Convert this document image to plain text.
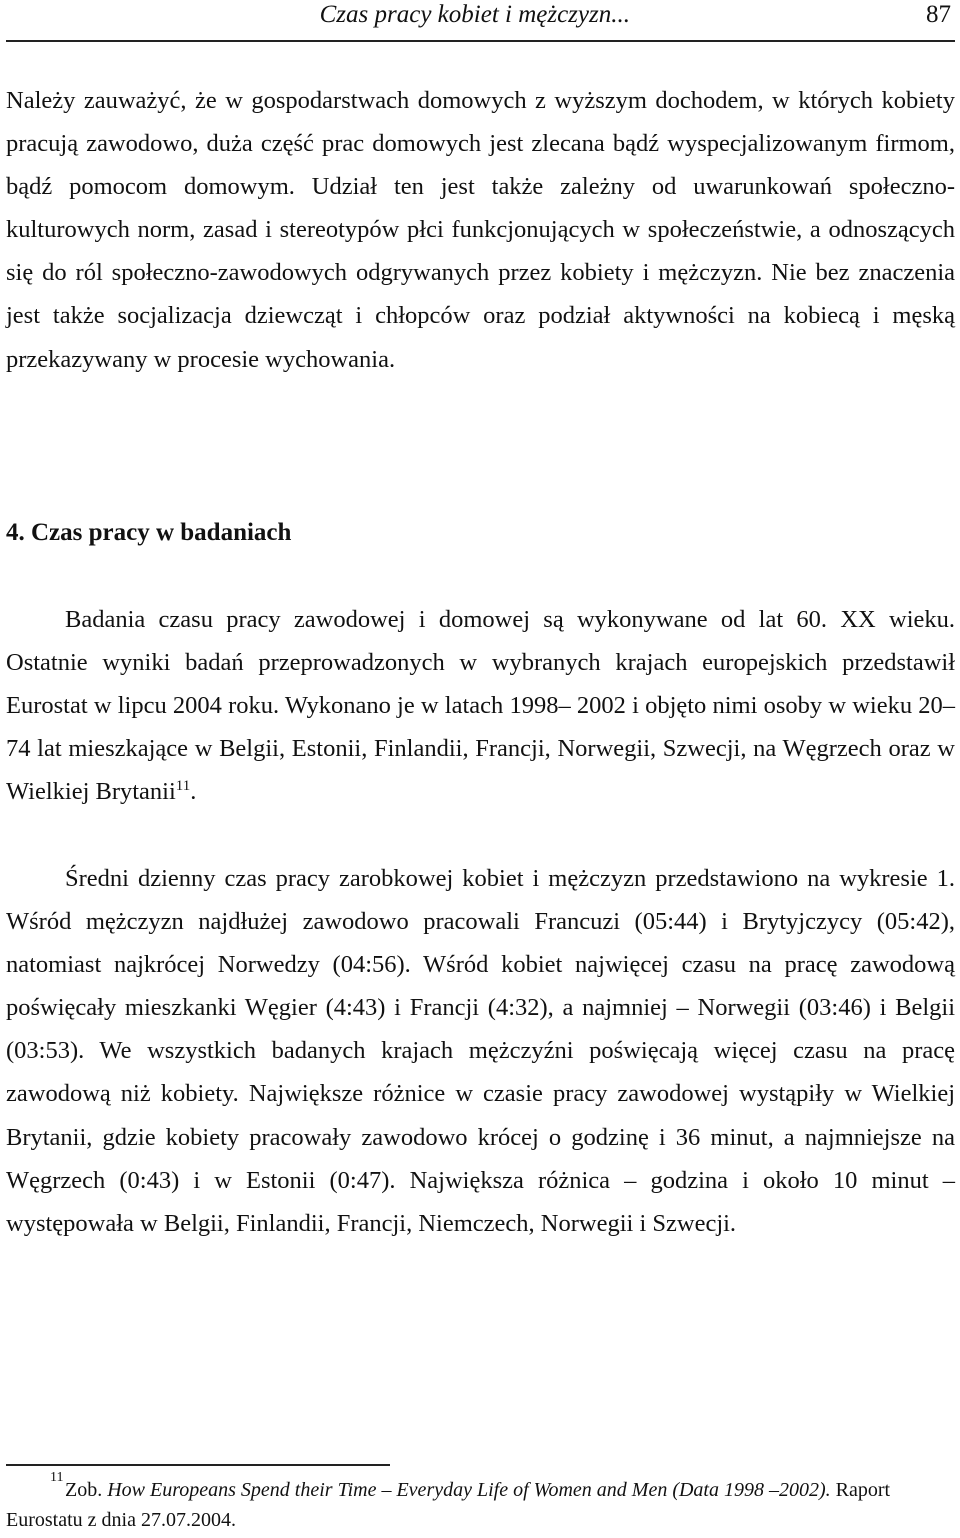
Czas pracy kobiet i mężczyzn...	87

Należy zauważyć, że w gospodarstwach domowych z wyższym dochodem, w których kobiety pracują zawodowo, duża część prac domowych jest zlecana bądź wyspecjalizowanym firmom, bądź pomocom domowym. Udział ten jest także zależny od uwarunkowań społeczno-kulturowych norm, zasad i stereotypów płci funkcjonujących w społeczeństwie, a odnoszących się do ról społeczno-zawodowych odgrywanych przez kobiety i mężczyzn. Nie bez znaczenia jest także socjalizacja dziewcząt i chłopców oraz podział aktywności na kobiecą i męską przekazywany w procesie wychowania.

4. Czas pracy w badaniach

Badania czasu pracy zawodowej i domowej są wykonywane od lat 60. XX wieku. Ostatnie wyniki badań przeprowadzonych w wybranych krajach europejskich przedstawił Eurostat w lipcu 2004 roku. Wykonano je w latach 1998– 2002 i objęto nimi osoby w wieku 20–74 lat mieszkające w Belgii, Estonii, Finlandii, Francji, Norwegii, Szwecji, na Węgrzech oraz w Wielkiej Brytanii$^{11}$.

Średni dzienny czas pracy zarobkowej kobiet i mężczyzn przedstawiono na wykresie 1. Wśród mężczyzn najdłużej zawodowo pracowali Francuzi (05:44) i Brytyjczycy (05:42), natomiast najkrócej Norwedzy (04:56). Wśród kobiet najwięcej czasu na pracę zawodową poświęcały mieszkanki Węgier (4:43) i Francji (4:32), a najmniej – Norwegii (03:46) i Belgii (03:53). We wszystkich badanych krajach mężczyźni poświęcają więcej czasu na pracę zawodową niż kobiety. Największe różnice w czasie pracy zawodowej wystąpiły w Wielkiej Brytanii, gdzie kobiety pracowały zawodowo krócej o godzinę i 36 minut, a najmniejsze na Węgrzech (0:43) i w Estonii (0:47). Największa różnica – godzina i około 10 minut – występowała w Belgii, Finlandii, Francji, Niemczech, Norwegii i Szwecji.

11
Zob. How Europeans Spend their Time – Everyday Life of Women and Men (Data 1998 –2002). Raport Eurostatu z dnia 27.07.2004.
